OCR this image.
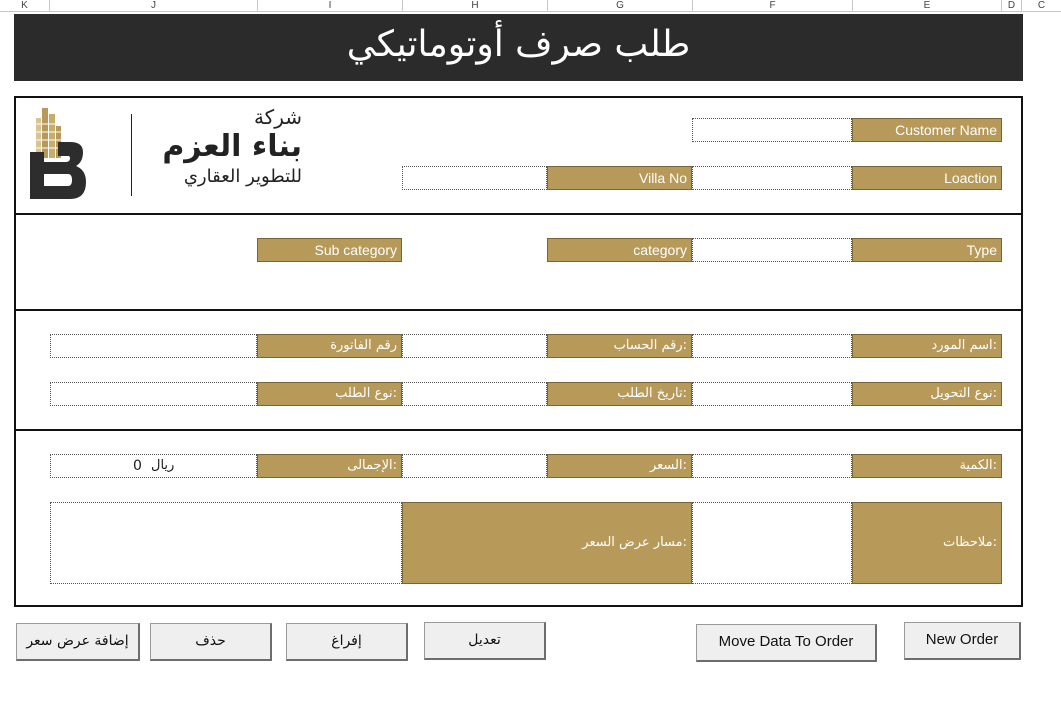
K	J	I	H	G	F	E	D	C
طلب صرف أوتوماتيكي
شركة
بناء العزم
للتطوير العقاري
Customer Name
Loaction
Villa No
Type
category
Sub category
اسم المورد:
رقم الحساب:
رقم الفاتورة
نوع التحويل:
تاريخ الطلب:
نوع الطلب:
الكمية:
السعر:
الإجمالى:
0 ريال
ملاحظات:
مسار عرض السعر:
New Order
Move Data To Order
تعديل
إفراغ
حذف
إضافة عرض سعر
